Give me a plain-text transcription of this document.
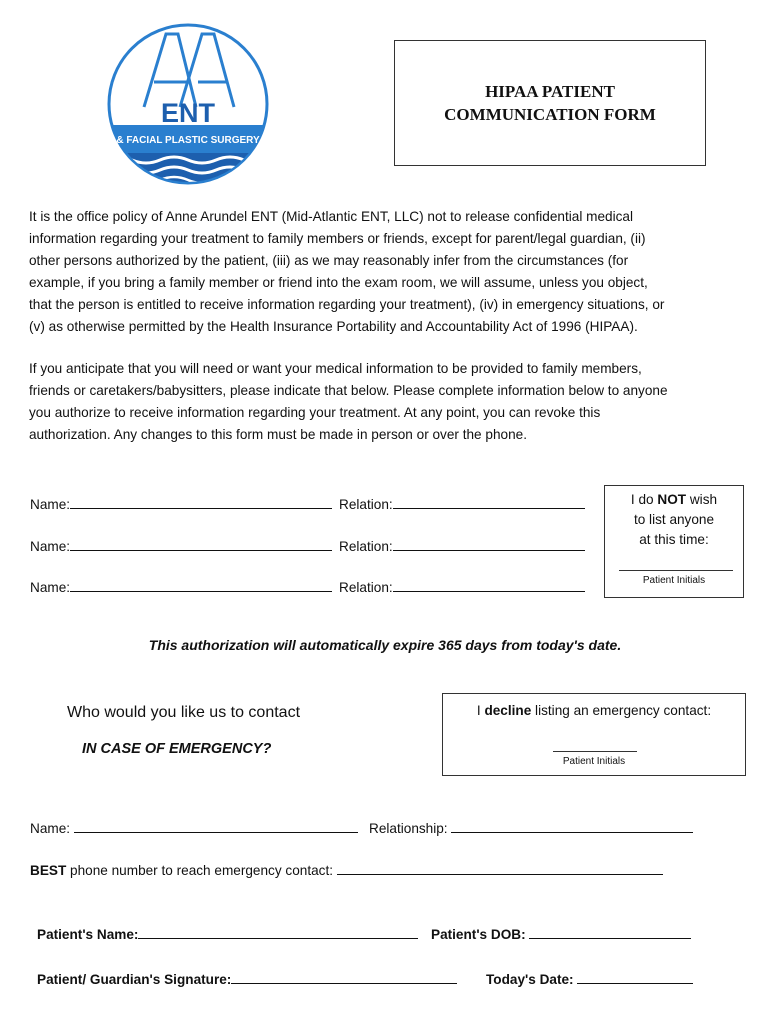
ENT
& FACIAL PLASTIC SURGERY
HIPAA PATIENT
COMMUNICATION FORM
It is the office policy of Anne Arundel ENT (Mid-Atlantic ENT, LLC) not to release confidential medical
information regarding your treatment to family members or friends, except for parent/legal guardian, (ii)
other persons authorized by the patient, (iii) as we may reasonably infer from the circumstances (for
example, if you bring a family member or friend into the exam room, we will assume, unless you object,
that the person is entitled to receive information regarding your treatment), (iv) in emergency situations, or
(v) as otherwise permitted by the Health Insurance Portability and Accountability Act of 1996 (HIPAA).
If you anticipate that you will need or want your medical information to be provided to family members,
friends or caretakers/babysitters, please indicate that below. Please complete information below to anyone
you authorize to receive information regarding your treatment. At any point, you can revoke this
authorization. Any changes to this form must be made in person or over the phone.
Name:	Relation:
Name:	Relation:
Name:	Relation:
I do NOT wish
to list anyone
at this time:
Patient Initials
This authorization will automatically expire 365 days from today's date.
Who would you like us to contact
IN CASE OF EMERGENCY?
I decline listing an emergency contact:
Patient Initials
Name:	Relationship:
BEST phone number to reach emergency contact:
Patient's Name:	Patient's DOB:
Patient/ Guardian's Signature:	Today's Date:
